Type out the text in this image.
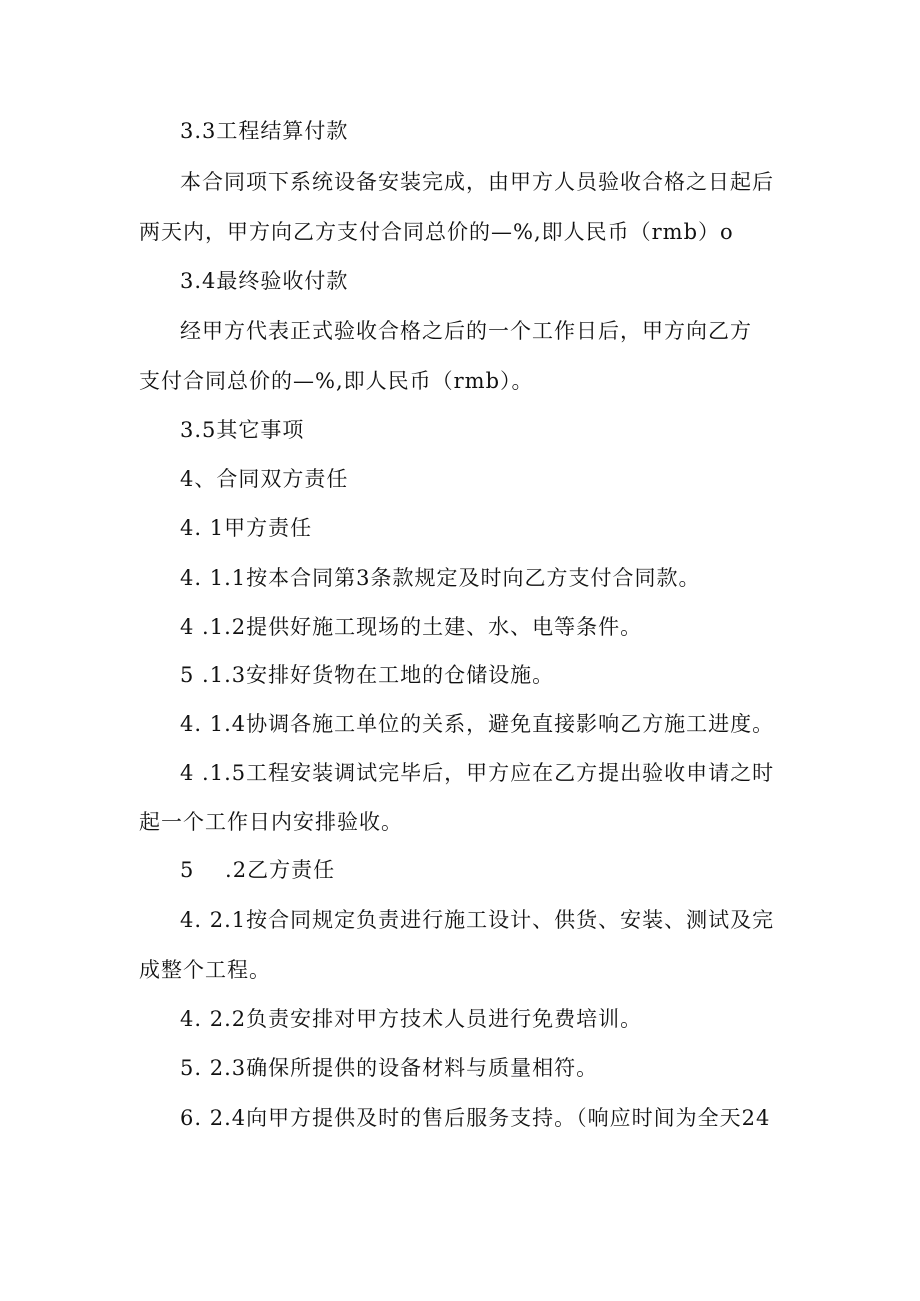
3.3工程结算付款
本合同项下系统设备安装完成，由甲方人员验收合格之日起后
两天内，甲方向乙方支付合同总价的—%,即人民币（rmb）o
3.4最终验收付款
经甲方代表正式验收合格之后的一个工作日后，甲方向乙方
支付合同总价的—%,即人民币（rmb）。
3.5其它事项
4、合同双方责任
4. 1甲方责任
4. 1.1按本合同第3条款规定及时向乙方支付合同款。
4 .1.2提供好施工现场的土建、水、电等条件。
5 .1.3安排好货物在工地的仓储设施。
4. 1.4协调各施工单位的关系，避免直接影响乙方施工进度。
4 .1.5工程安装调试完毕后，甲方应在乙方提出验收申请之时
起一个工作日内安排验收。
5    .2乙方责任
4. 2.1按合同规定负责进行施工设计、供货、安装、测试及完
成整个工程。
4. 2.2负责安排对甲方技术人员进行免费培训。
5. 2.3确保所提供的设备材料与质量相符。
6. 2.4向甲方提供及时的售后服务支持。（响应时间为全天24
